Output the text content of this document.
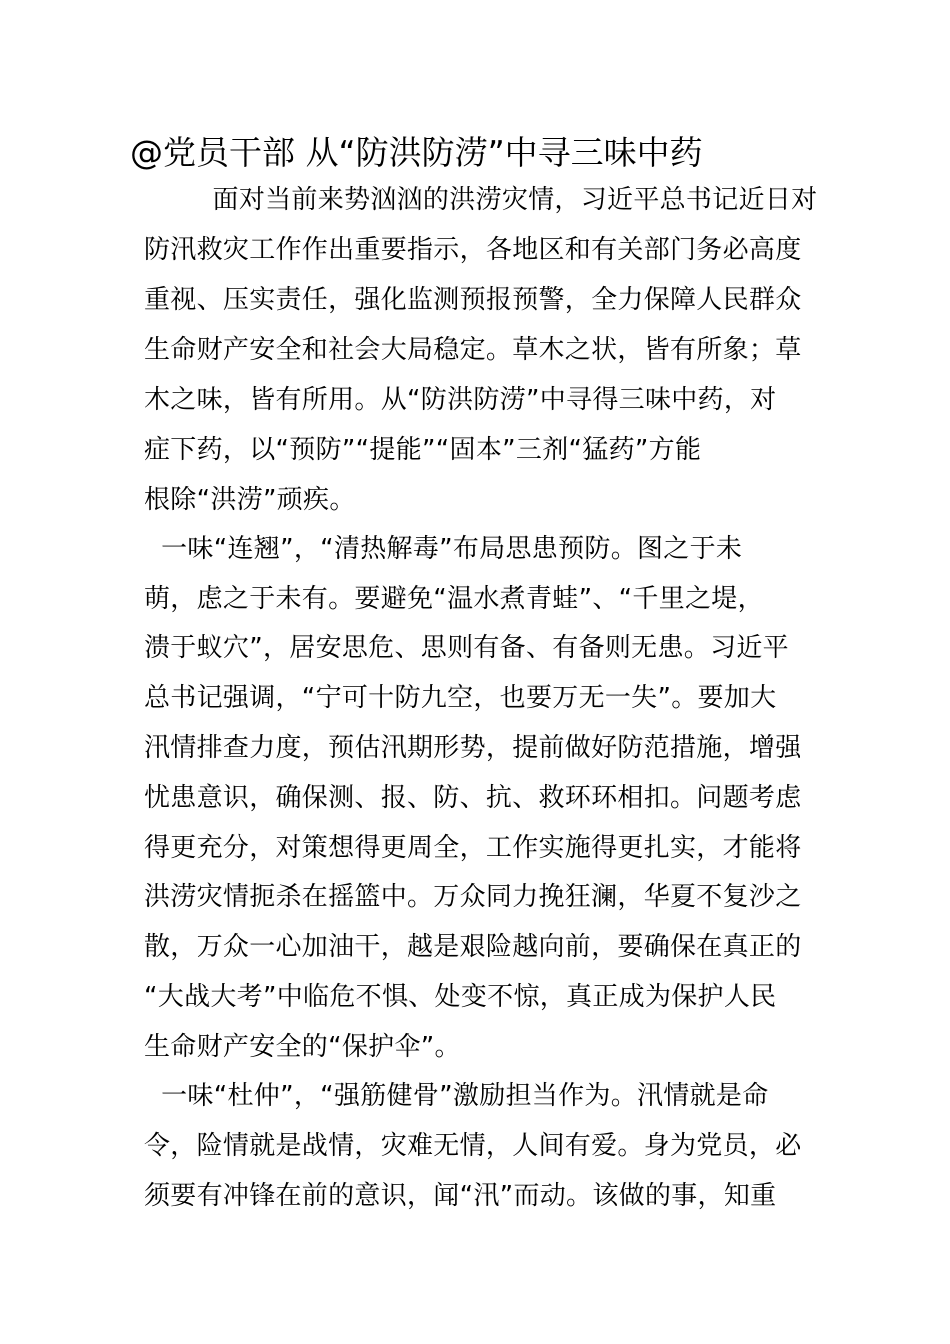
@党员干部 从“防洪防涝”中寻三味中药
面对当前来势汹汹的洪涝灾情，习近平总书记近日对
防汛救灾工作作出重要指示，各地区和有关部门务必高度
重视、压实责任，强化监测预报预警，全力保障人民群众
生命财产安全和社会大局稳定。草木之状，皆有所象；草
木之味，皆有所用。从“防洪防涝”中寻得三味中药，对
症下药，以“预防”“提能”“固本”三剂“猛药”方能
根除“洪涝”顽疾。
一味“连翘”，“清热解毒”布局思患预防。图之于未
萌，虑之于未有。要避免“温水煮青蛙”、“千里之堤，
溃于蚁穴”，居安思危、思则有备、有备则无患。习近平
总书记强调，“宁可十防九空，也要万无一失”。要加大
汛情排查力度，预估汛期形势，提前做好防范措施，增强
忧患意识，确保测、报、防、抗、救环环相扣。问题考虑
得更充分，对策想得更周全，工作实施得更扎实，才能将
洪涝灾情扼杀在摇篮中。万众同力挽狂澜，华夏不复沙之
散，万众一心加油干，越是艰险越向前，要确保在真正的
“大战大考”中临危不惧、处变不惊，真正成为保护人民
生命财产安全的“保护伞”。
一味“杜仲”，“强筋健骨”激励担当作为。汛情就是命
令，险情就是战情，灾难无情，人间有爱。身为党员，必
须要有冲锋在前的意识，闻“汛”而动。该做的事，知重
